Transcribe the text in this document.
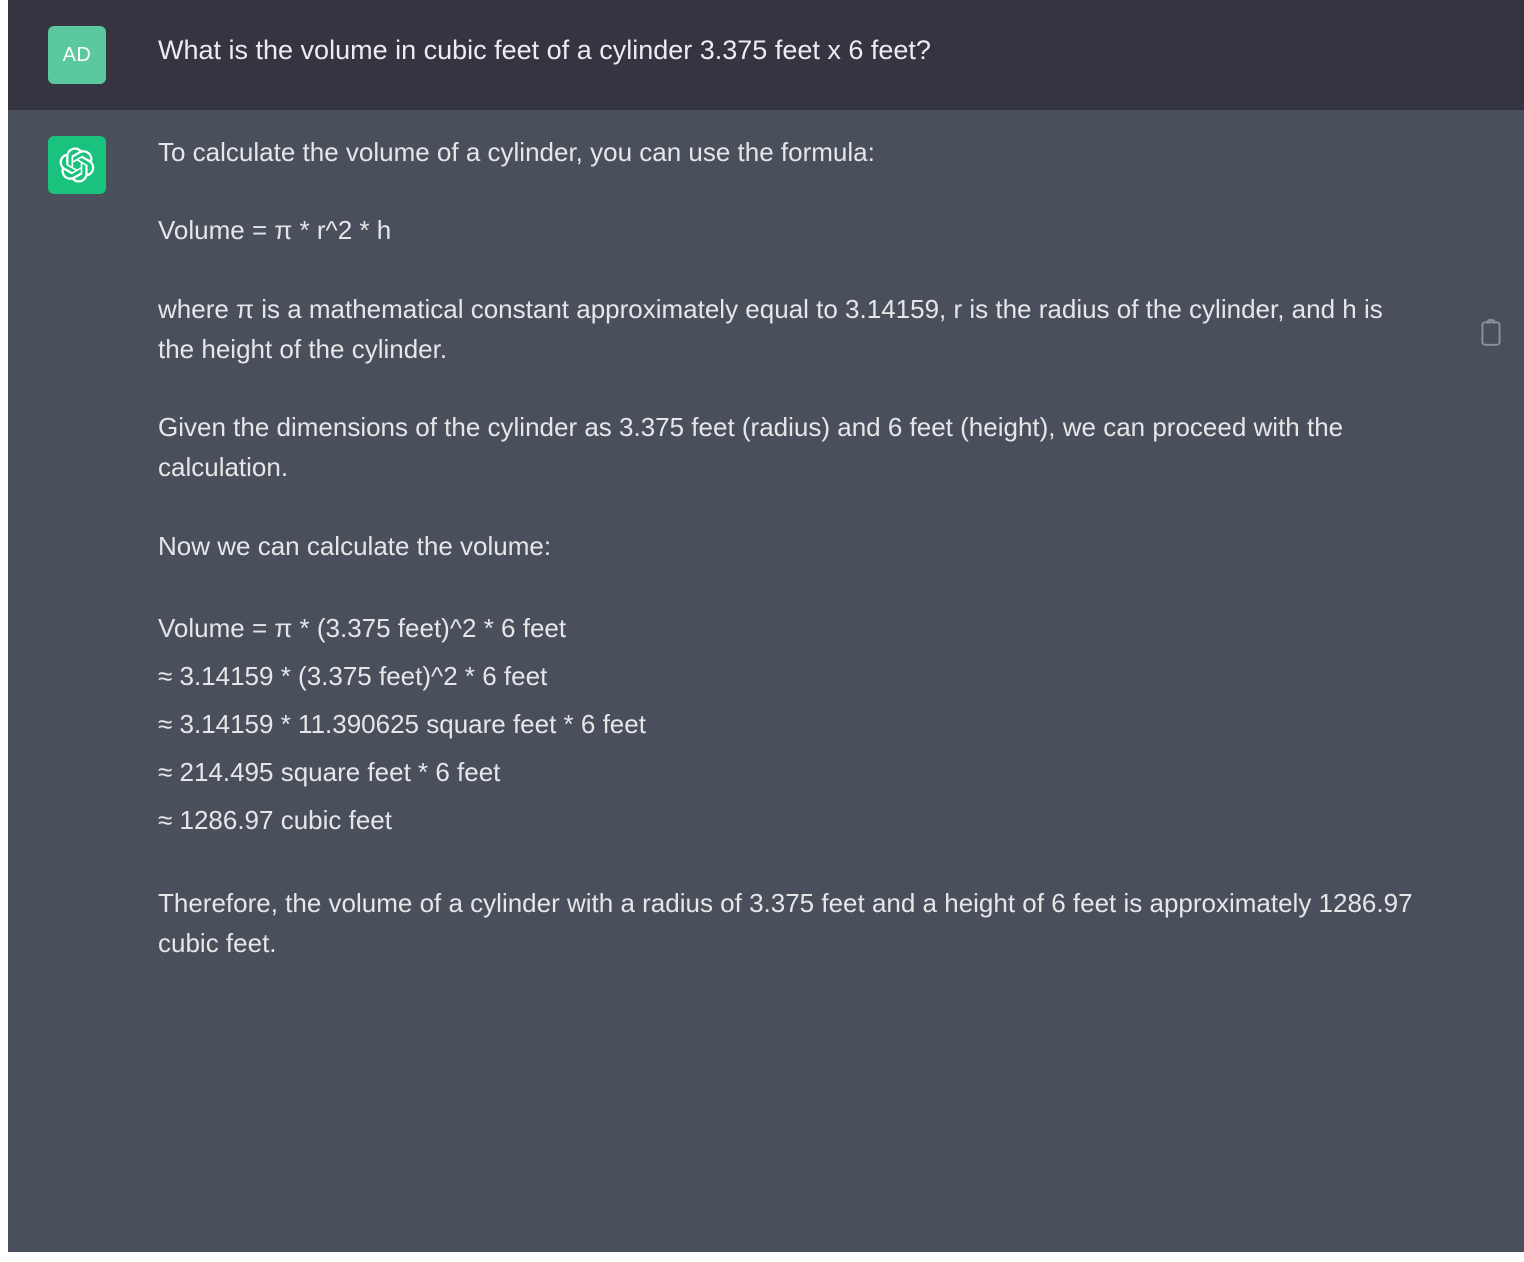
AD What is the volume in cubic feet of a cylinder 3.375 feet x 6 feet?

To calculate the volume of a cylinder, you can use the formula:

Volume = π * r^2 * h

where π is a mathematical constant approximately equal to 3.14159, r is the radius of the cylinder, and h is the height of the cylinder.

Given the dimensions of the cylinder as 3.375 feet (radius) and 6 feet (height), we can proceed with the calculation.

Now we can calculate the volume:

Volume = π * (3.375 feet)^2 * 6 feet
≈ 3.14159 * (3.375 feet)^2 * 6 feet
≈ 3.14159 * 11.390625 square feet * 6 feet
≈ 214.495 square feet * 6 feet
≈ 1286.97 cubic feet

Therefore, the volume of a cylinder with a radius of 3.375 feet and a height of 6 feet is approximately 1286.97 cubic feet.
